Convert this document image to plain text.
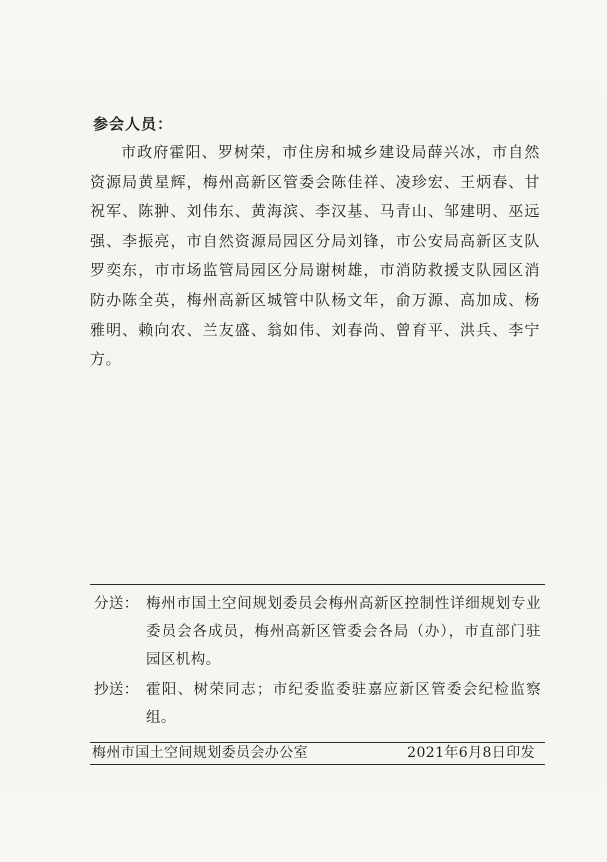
参会人员：

市政府霍阳、罗树荣，市住房和城乡建设局薛兴冰，市自然资源局黄星辉，梅州高新区管委会陈佳祥、凌珍宏、王炳春、甘祝军、陈翀、刘伟东、黄海滨、李汉基、马青山、邹建明、巫远强、李振亮，市自然资源局园区分局刘锋，市公安局高新区支队罗奕东，市市场监管局园区分局谢树雄，市消防救援支队园区消防办陈全英，梅州高新区城管中队杨文年，俞万源、高加成、杨雅明、赖向农、兰友盛、翁如伟、刘春尚、曾育平、洪兵、李宁方。

分送： 梅州市国土空间规划委员会梅州高新区控制性详细规划专业委员会各成员，梅州高新区管委会各局（办），市直部门驻园区机构。
抄送： 霍阳、树荣同志；市纪委监委驻嘉应新区管委会纪检监察组。
梅州市国土空间规划委员会办公室	2021年6月8日印发
